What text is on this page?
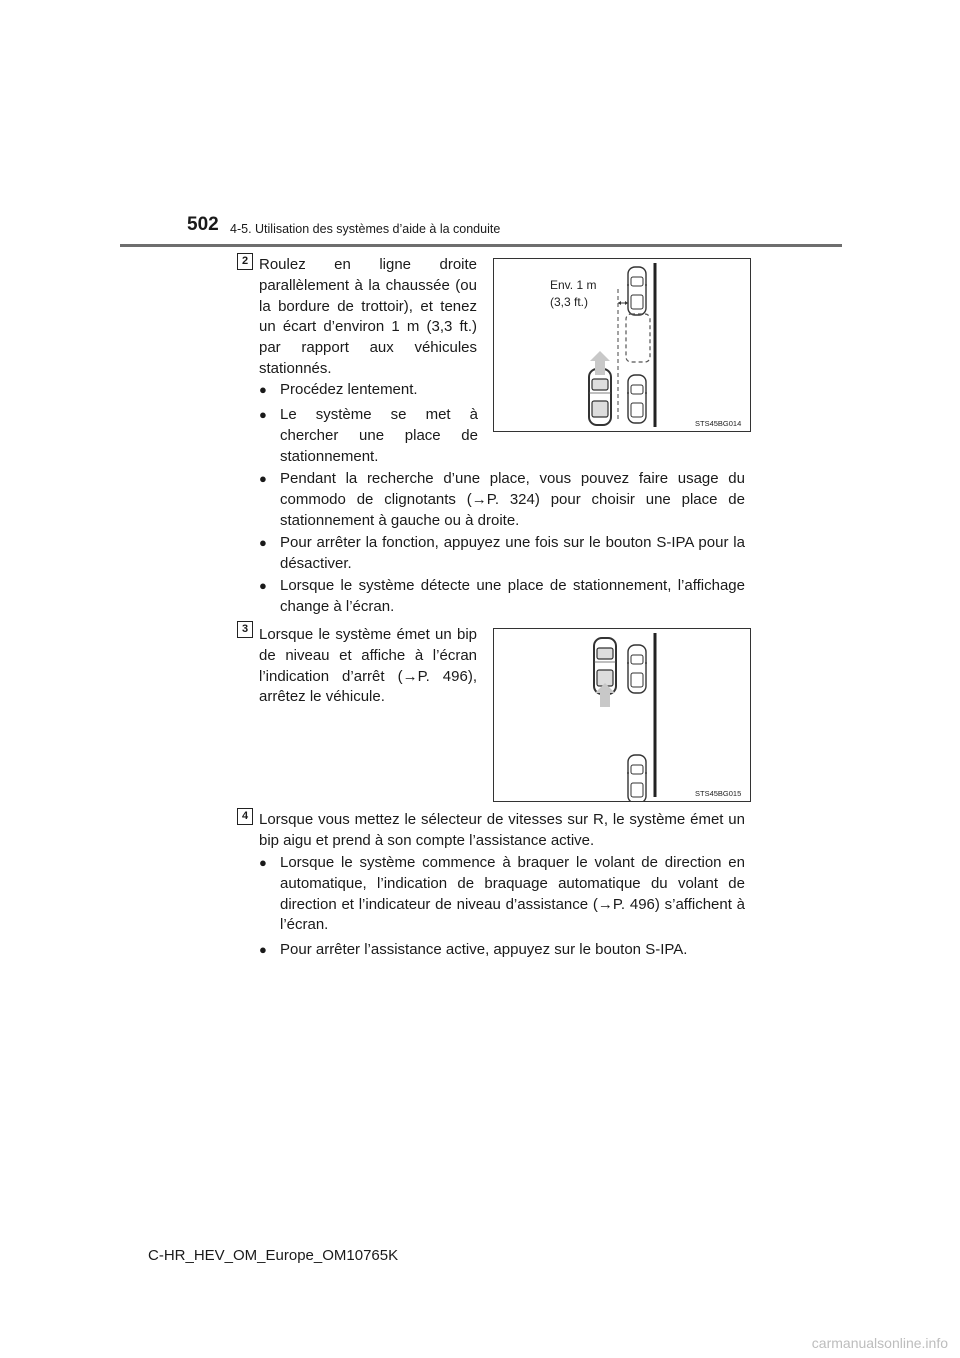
502 4-5. Utilisation des systèmes d’aide à la conduite
2 Roulez en ligne droite
parallèlement à la chaussée (ou
la bordure de trottoir), et tenez
un écart d’environ 1 m (3,3 ft.)
par rapport aux véhicules
stationnés.
● Procédez lentement.
● Le système se met à
chercher une place de
stationnement.
● Pendant la recherche d’une place, vous pouvez faire usage du
commodo de clignotants (→P. 324) pour choisir une place de
stationnement à gauche ou à droite.
● Pour arrêter la fonction, appuyez une fois sur le bouton S-IPA pour la
désactiver.
● Lorsque le système détecte une place de stationnement, l’affichage
change à l’écran.
STS45BG014
Env. 1 m
(3,3 ft.)
3 Lorsque le système émet un bip
de niveau et affiche à l’écran
l’indication d’arrêt (→P. 496),
arrêtez le véhicule.
STS45BG015
4 Lorsque vous mettez le sélecteur de vitesses sur R, le système émet un
bip aigu et prend à son compte l’assistance active.
● Lorsque le système commence à braquer le volant de direction en
automatique, l’indication de braquage automatique du volant de
direction et l’indicateur de niveau d’assistance (→P. 496) s’affichent à
l’écran.
● Pour arrêter l’assistance active, appuyez sur le bouton S-IPA.
C-HR_HEV_OM_Europe_OM10765K
carmanualsonline.info
